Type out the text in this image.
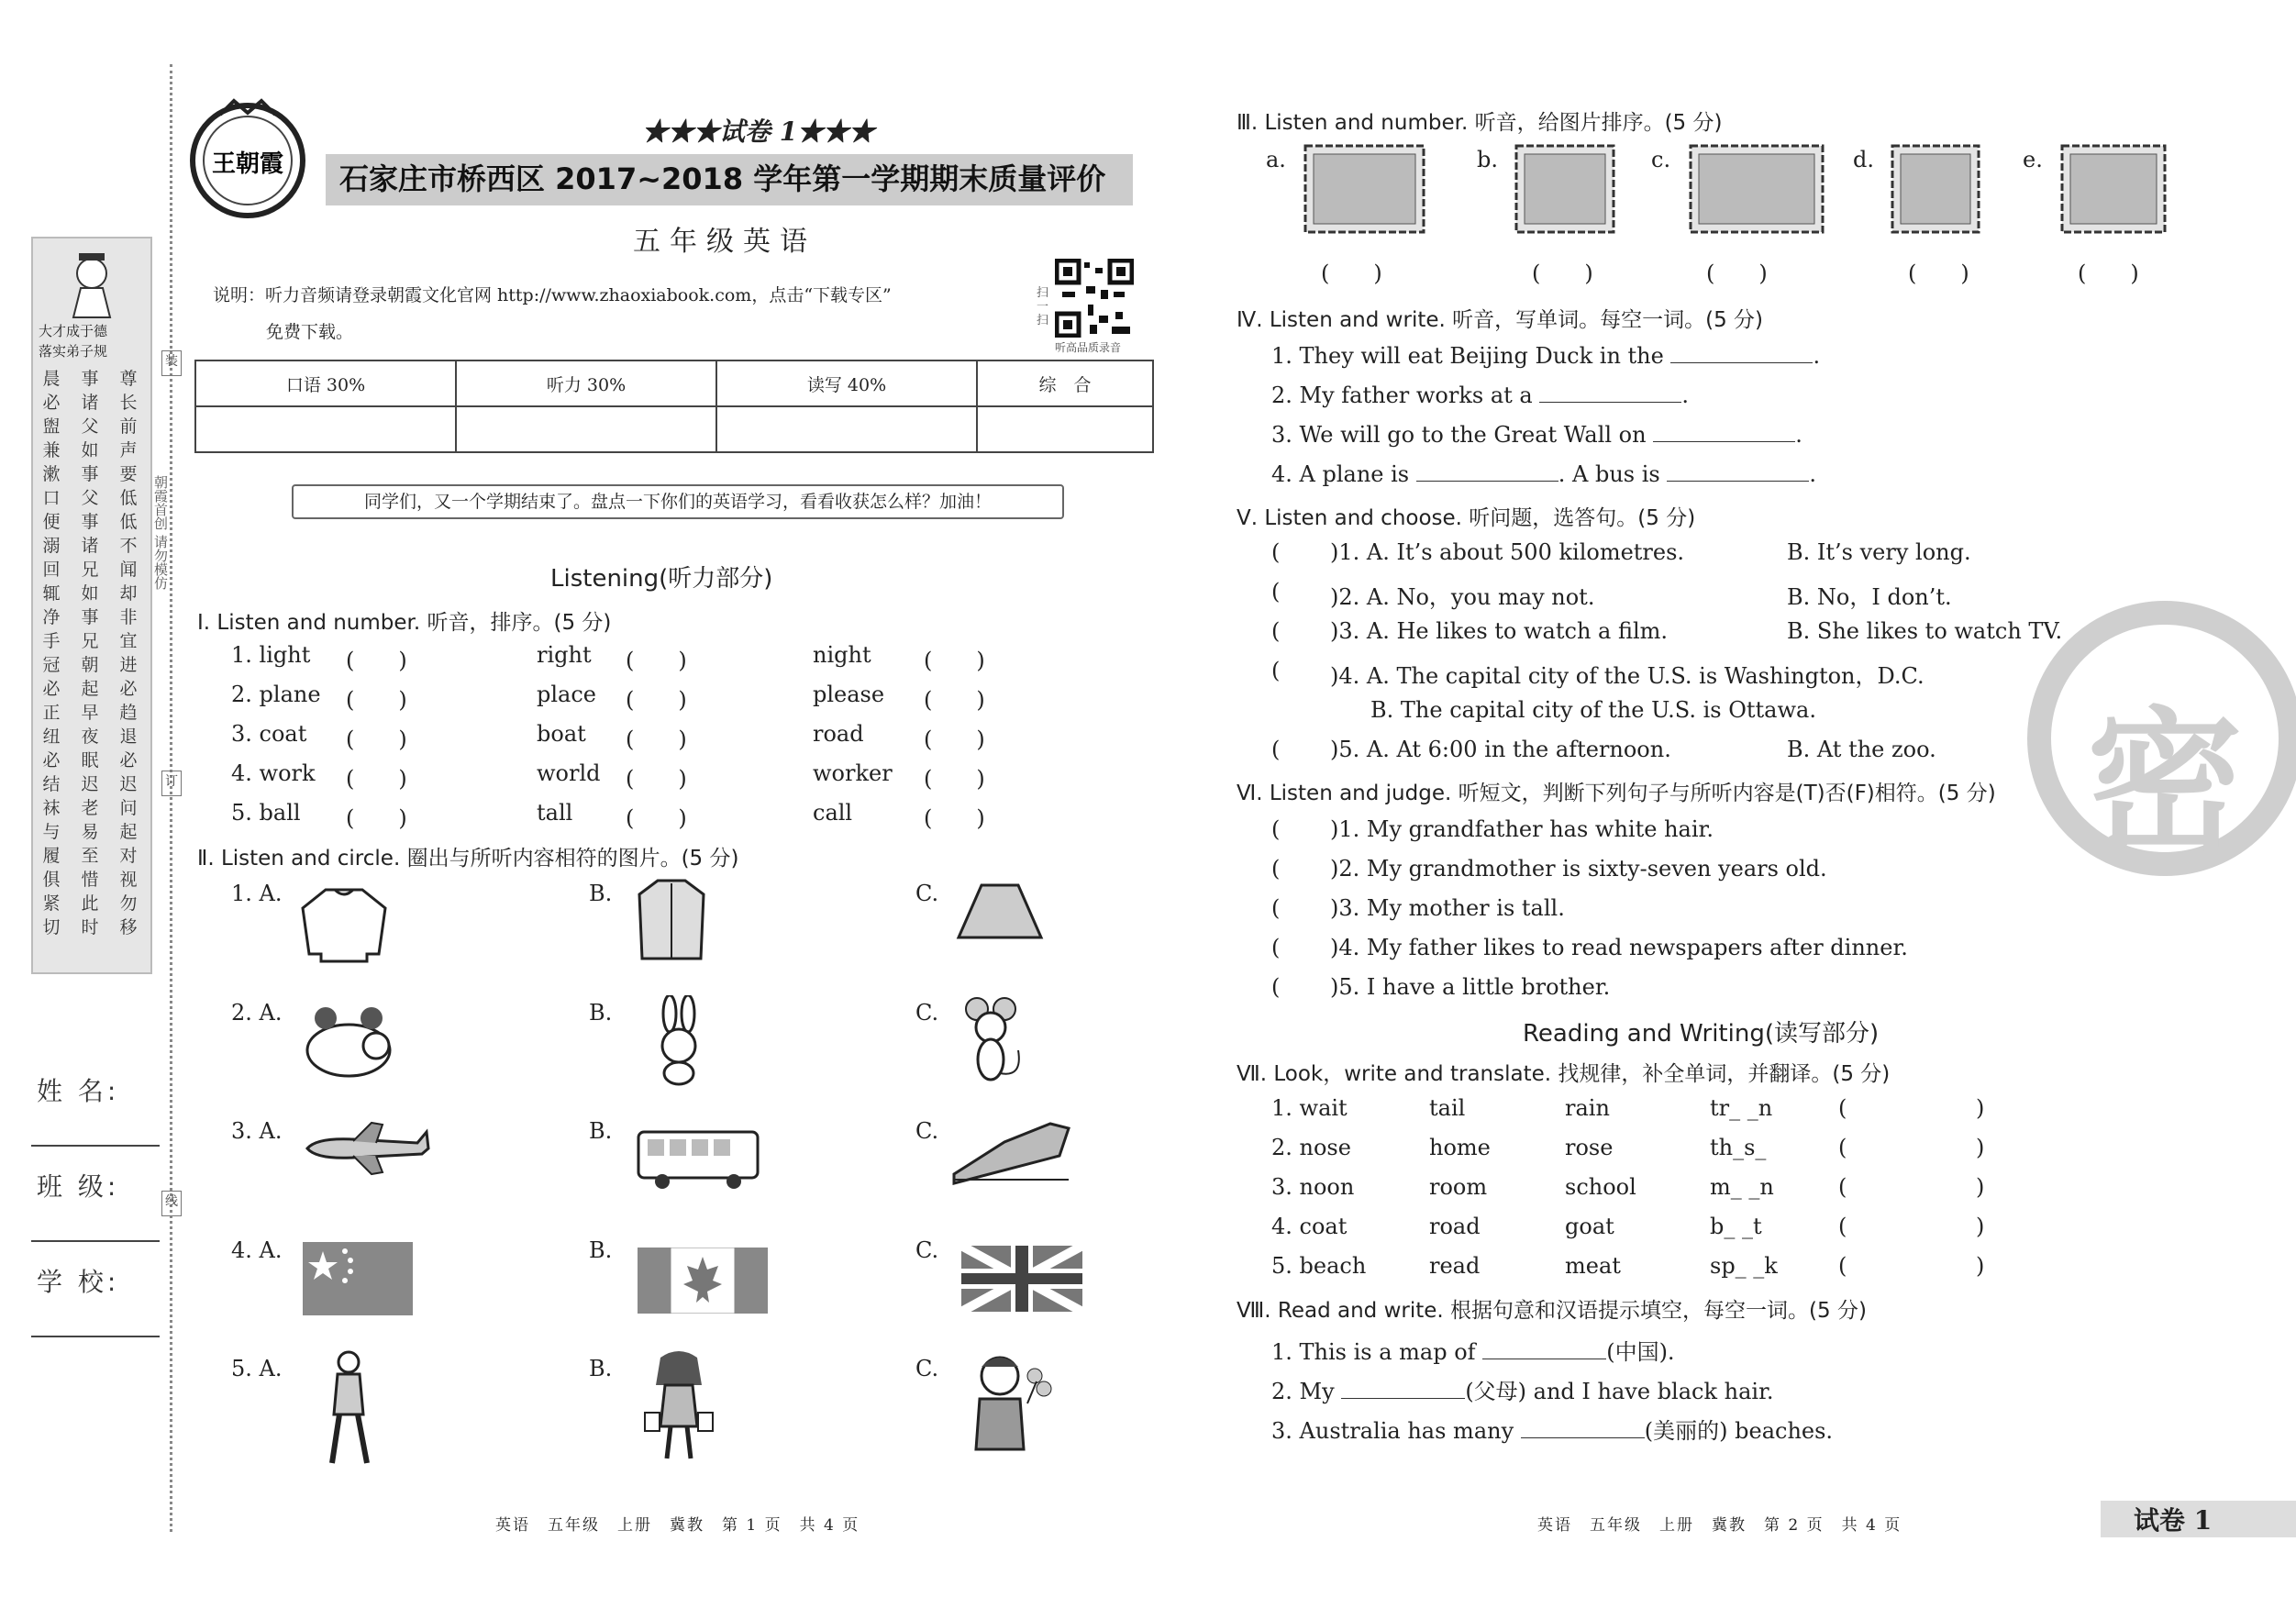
大才成于德
落实弟子规
晨必盥 兼漱口 便溺回 辄净手 冠必正 纽必结 袜与履 俱紧切
事诸父 如事父 事诸兄 如事兄 朝起早 夜眠迟 老易至 惜此时
尊长前 声要低 低不闻 却非宜 进必趋 退必迟 问起对 视勿移
装
订
线
朝霞首创 请勿模仿
姓 名:
班 级:
学 校:
王朝霞
★★★试卷 1★★★
石家庄市桥西区 2017~2018 学年第一学期期末质量评价
五年级英语
说明：听力音频请登录朝霞文化官网 http://www.zhaoxiabook.com，点击“下载专区”
免费下载。
扫一扫
听高品质录音
口语 30%	听力 30%	读写 40%	综　合

同学们，又一个学期结束了。盘点一下你们的英语学习，看看收获怎么样？加油！
Listening(听力部分)
Ⅰ. Listen and number. 听音，排序。(5 分)
1. light (　　)	right (　　)	night (　　)
2. plane (　　)	place (　　)	please (　　)
3. coat (　　)	boat (　　)	road	(　　)
4. work (　　)	world (　　)	worker (　　)
5. ball (　　)	tall (　　)	call	(　　)
Ⅱ. Listen and circle. 圈出与所听内容相符的图片。(5 分)
1. A.
2. A.
3. A.
4. A.
5. A.
B.
B.
B.
B.
B.
C.
C.
C.
C.
C.
Ⅲ. Listen and number. 听音，给图片排序。(5 分)
a.
(　　)
b.
(　　)
c.
(　　)
d.
(　　)
e.
(　　)
Ⅳ. Listen and write. 听音，写单词。每空一词。(5 分)
1. They will eat Beijing Duck in the	.
2. My father works at a	.
3. We will go to the Great Wall on	.
4. A plane is	. A bus is	.
Ⅴ. Listen and choose. 听问题，选答句。(5 分)
( )1. A. It’s about 500 kilometres.	B. It’s very long.
( )2. A. No，you may not.	B. No，I don’t.
( )3. A. He likes to watch a film.	B. She likes to watch TV.
( )4. A. The capital city of the U.S. is Washington，D.C.
B. The capital city of the U.S. is Ottawa.
( )5. A. At 6:00 in the afternoon.	B. At the zoo.
Ⅵ. Listen and judge. 听短文，判断下列句子与所听内容是(T)否(F)相符。(5 分)
( )1. My grandfather has white hair.
( )2. My grandmother is sixty-seven years old.
( )3. My mother is tall.
( )4. My father likes to read newspapers after dinner.
( )5. I have a little brother.
Reading and Writing(读写部分)
Ⅶ. Look，write and translate. 找规律，补全单词，并翻译。(5 分)
1. wait	tail	rain	tr_ _n	(	)
2. nose	home	rose	th_s_	(	)
3. noon	room	school	m_ _n	(	)
4. coat	road	goat	b_ _t	(	)
5. beach	read	meat	sp_ _k	(	)
Ⅷ. Read and write. 根据句意和汉语提示填空，每空一词。(5 分)
1. This is a map of	(中国).
2. My	(父母) and I have black hair.
3. Australia has many	(美丽的) beaches.
密
英语　五年级　上册　冀教　第 1 页　共 4 页	英语　五年级　上册　冀教　第 2 页　共 4 页	试卷 1
